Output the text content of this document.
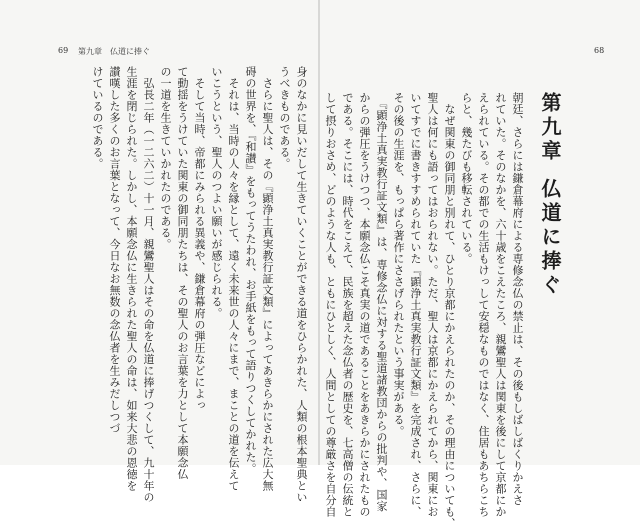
69 第九章　仏道に捧ぐ	68
第九章仏道に捧ぐ
朝廷、さらには鎌倉幕府による専修念仏の禁止は、その後もしばしばくりかえさ
れていた。そのなかを、六十歳をこえたころ、親鸞聖人は関東を後にして京都にか
えられている。その都での生活もけっして安穏なものではなく、住居もあちらこち
らと、幾たびも移転されている。
　なぜ関東の御同朋と別れて、ひとり京都にかえられたのか、その理由についても、
聖人は何にも語ってはおられない。ただ、聖人は京都にかえられてから、関東にお
いてすでに書きすすめられていた『顕浄土真実教行証文類』を完成され、さらに、
その後の生涯を、もっぱら著作にささげられたという事実がある。
　『顕浄土真実教行証文類』は、専修念仏に対する聖道諸教団からの批判や、国家
からの弾圧をうけつつ、本願念仏こそ真実の道であることをあきらかにされたもの
である。そこには、時代をこえて、民族を超えた念仏者の歴史を、七高僧の伝統と
して摂りおさめ、どのような人も、ともにひとしく、人間としての尊厳さを自分自
身のなかに見いだして生きていくことができる道をひらかれた、人類の根本聖典とい
うべきものである。
　さらに聖人は、その『顕浄土真実教行証文類』によってあきらかにされた広大無
碍の世界を、『和讃』をもってうたわれ、お手紙をもって語りつくしてかれた。
　それは、当時の人々を縁として、遠く未来世の人々にまで、まことの道を伝えて
いこうという、聖人のつよい願いが感じられる。
　そして当時、帝都にみられる異義や、鎌倉幕府の弾圧などによっ
て動揺をうけていた関東の御同朋たちは、その聖人のお言葉を力として本願念仏
の一道を生きていかれたのである。
　弘長二年（一二六二）十一月、親鸞聖人はその命を仏道に捧げつくして、九十年の
生涯を閉じられた。しかし、本願念仏に生きられた聖人の命は、如来大悲の恩徳を
讃嘆した多くのお言葉となって、今日なお無数の念仏者を生みだしつづ
けているのである。
